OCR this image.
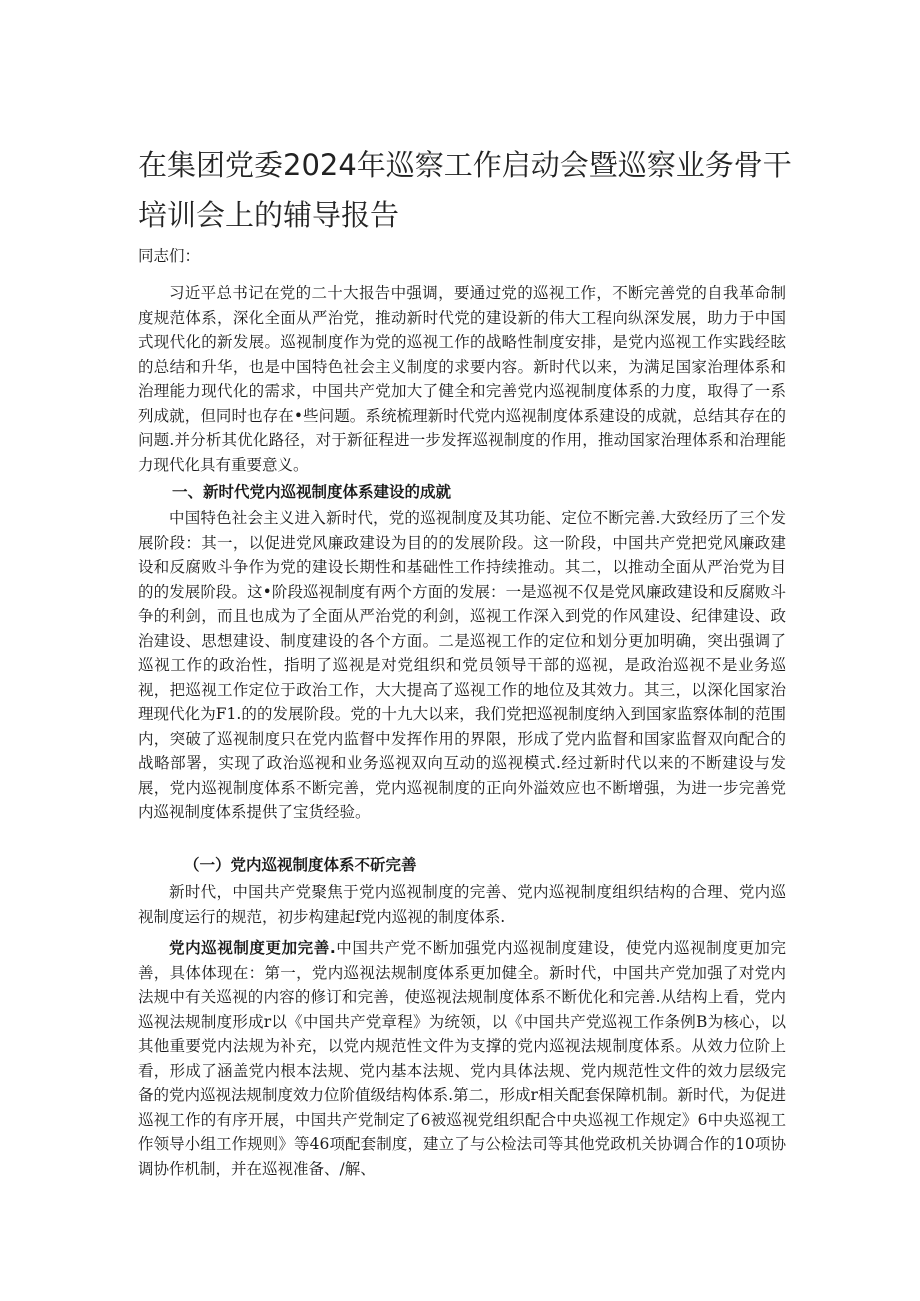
在集团党委2024年巡察工作启动会暨巡察业务骨干培训会上的辅导报告

同志们：

习近平总书记在党的二十大报告中强调，要通过党的巡视工作，不断完善党的自我革命制度规范体系，深化全面从严治党，推动新时代党的建设新的伟大工程向纵深发展，助力于中国式现代化的新发展。巡视制度作为党的巡视工作的战略性制度安排，是党内巡视工作实践经眩的总结和升华，也是中国特色社会主义制度的求要内容。新时代以来，为满足国家治理体系和治理能力现代化的需求，中国共产党加大了健全和完善党内巡视制度体系的力度，取得了一系列成就，但同时也存在•些问题。系统梳理新时代党内巡视制度体系建设的成就，总结其存在的问题.并分析其优化路径，对于新征程进一步发挥巡视制度的作用，推动国家治理体系和治理能力现代化具有重要意义。

一、新时代党内巡视制度体系建设的成就

中国特色社会主义进入新时代，党的巡视制度及其功能、定位不断完善.大致经历了三个发展阶段：其一，以促进党风廉政建设为目的的发展阶段。这一阶段，中国共产党把党风廉政建设和反腐败斗争作为党的建设长期性和基础性工作持续推动。其二，以推动全面从严治党为目的的发展阶段。这•阶段巡视制度有两个方面的发展：一是巡视不仅是党风廉政建设和反腐败斗争的利剑，而且也成为了全面从严治党的利剑，巡视工作深入到党的作风建设、纪律建设、政治建设、思想建设、制度建设的各个方面。二是巡视工作的定位和划分更加明确，突出强调了巡视工作的政治性，指明了巡视是对党组织和党员领导干部的巡视，是政治巡视不是业务巡视，把巡视工作定位于政治工作，大大提高了巡视工作的地位及其效力。其三，以深化国家治理现代化为F1.的的发展阶段。党的十九大以来，我们党把巡视制度纳入到国家监察体制的范围内，突破了巡视制度只在党内监督中发挥作用的界限，形成了党内监督和国家监督双向配合的战略部署，实现了政治巡视和业务巡视双向互动的巡视模式.经过新时代以来的不断建设与发展，党内巡视制度体系不断完善，党内巡视制度的正向外溢效应也不断增强，为进一步完善党内巡视制度体系提供了宝货经验。

（一）党内巡视制度体系不斫完善

新时代，中国共产党聚焦于党内巡视制度的完善、党内巡视制度组织结构的合理、党内巡视制度运行的规范，初步构建起f党内巡视的制度体系.

党内巡视制度更加完善.中国共产党不断加强党内巡视制度建设，使党内巡视制度更加完善，具体体现在：第一，党内巡视法规制度体系更加健全。新时代，中国共产党加强了对党内法规中有关巡视的内容的修订和完善，使巡视法规制度体系不断优化和完善.从结构上看，党内巡视法规制度形成r以《中国共产党章程》为统领，以《中国共产党巡视工作条例B为核心，以其他重要党内法规为补充，以党内规范性文件为支撑的党内巡视法规制度体系。从效力位阶上看，形成了涵盖党内根本法规、党内基本法规、党内具体法规、党内规范性文件的效力层级完备的党内巡视法规制度效力位阶值级结构体系.第二，形成r相关配套保障机制。新时代，为促进巡视工作的有序开展，中国共产党制定了6被巡视党组织配合中央巡视工作规定》6中央巡视工作领导小组工作规则》等46项配套制度，建立了与公检法司等其他党政机关协调合作的10项协调协作机制，并在巡视准备、/解、
